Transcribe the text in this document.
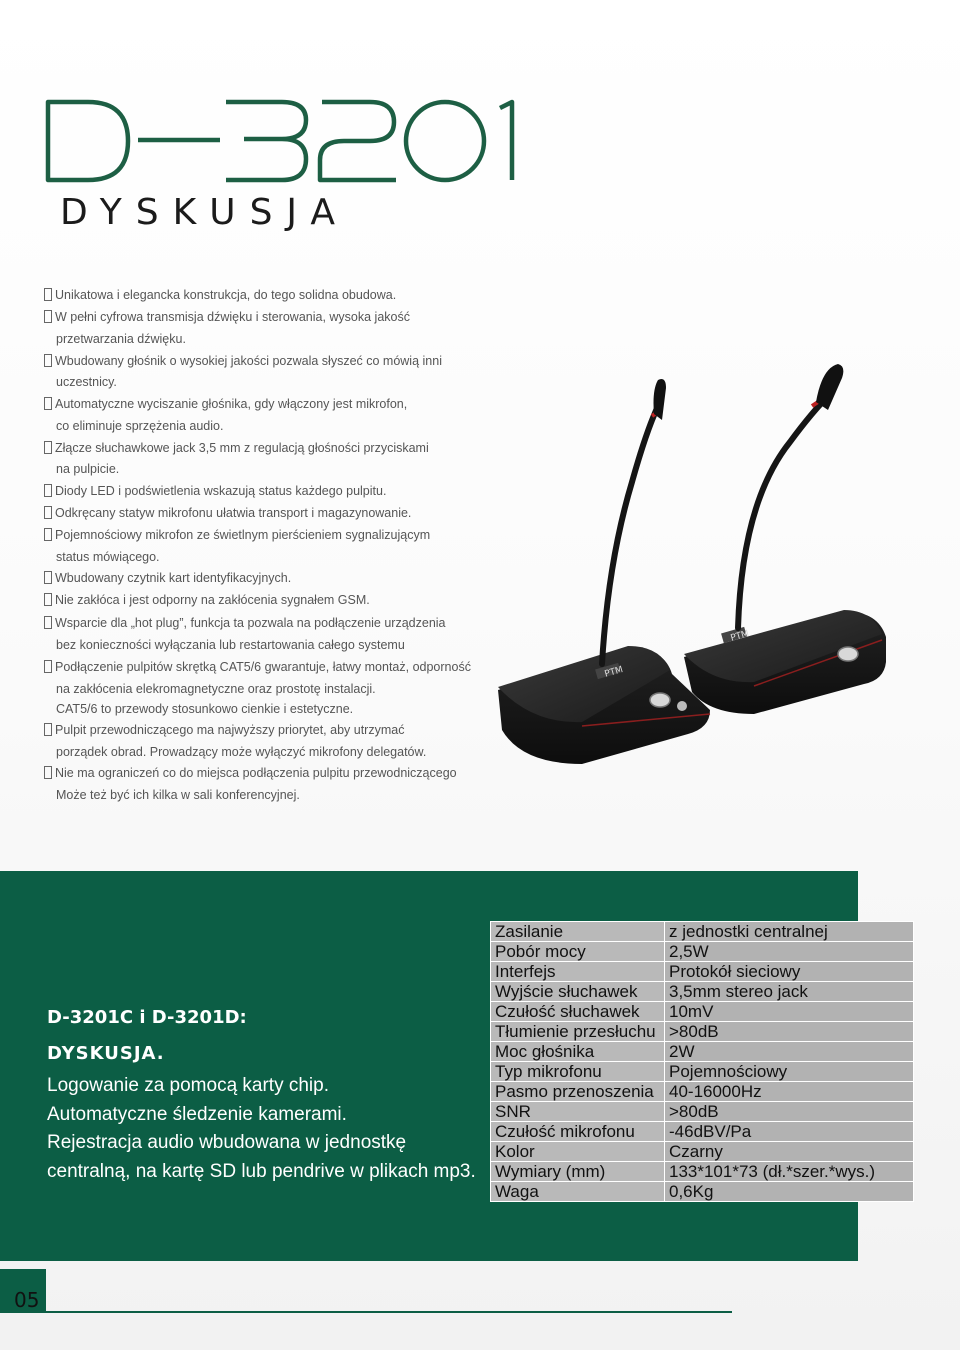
DYSKUSJA
Unikatowa i elegancka konstrukcja, do tego solidna obudowa.
W pełni cyfrowa transmisja dźwięku i sterowania, wysoka jakość
przetwarzania dźwięku.
Wbudowany głośnik o wysokiej jakości pozwala słyszeć co mówią inni
uczestnicy.
Automatyczne wyciszanie głośnika, gdy włączony jest mikrofon,
co eliminuje sprzężenia audio.
Złącze słuchawkowe jack 3,5 mm z regulacją głośności przyciskami
na pulpicie.
Diody LED i podświetlenia wskazują status każdego pulpitu.
Odkręcany statyw mikrofonu ułatwia transport i magazynowanie.
Pojemnościowy mikrofon ze świetlnym pierścieniem sygnalizującym
status mówiącego.
Wbudowany czytnik kart identyfikacyjnych.
Nie zakłóca i jest odporny na zakłócenia sygnałem GSM.
Wsparcie dla „hot plug”, funkcja ta pozwala na podłączenie urządzenia
bez konieczności wyłączania lub restartowania całego systemu
Podłączenie pulpitów skrętką CAT5/6 gwarantuje, łatwy montaż, odporność
na zakłócenia elekromagnetyczne oraz prostotę instalacji.
CAT5/6 to przewody stosunkowo cienkie i estetyczne.
Pulpit przewodniczącego ma najwyższy priorytet, aby utrzymać
porządek obrad. Prowadzący może wyłączyć mikrofony delegatów.
Nie ma ograniczeń co do miejsca podłączenia pulpitu przewodniczącego
Może też być ich kilka w sali konferencyjnej.
PTM
PTM
D-3201C i D-3201D:
DYSKUSJA.
Logowanie za pomocą karty chip.
Automatyczne śledzenie kamerami.
Rejestracja audio wbudowana w jednostkę
centralną, na kartę SD lub pendrive w plikach mp3.
Zasilanie	z jednostki centralnej
Pobór mocy	2,5W
Interfejs	Protokół sieciowy
Wyjście słuchawek	3,5mm stereo jack
Czułość słuchawek	10mV
Tłumienie przesłuchu	>80dB
Moc głośnika	2W
Typ mikrofonu	Pojemnościowy
Pasmo przenoszenia	40-16000Hz
SNR	>80dB
Czułość mikrofonu	-46dBV/Pa
Kolor	Czarny
Wymiary (mm)	133*101*73 (dł.*szer.*wys.)
Waga	0,6Kg
05
